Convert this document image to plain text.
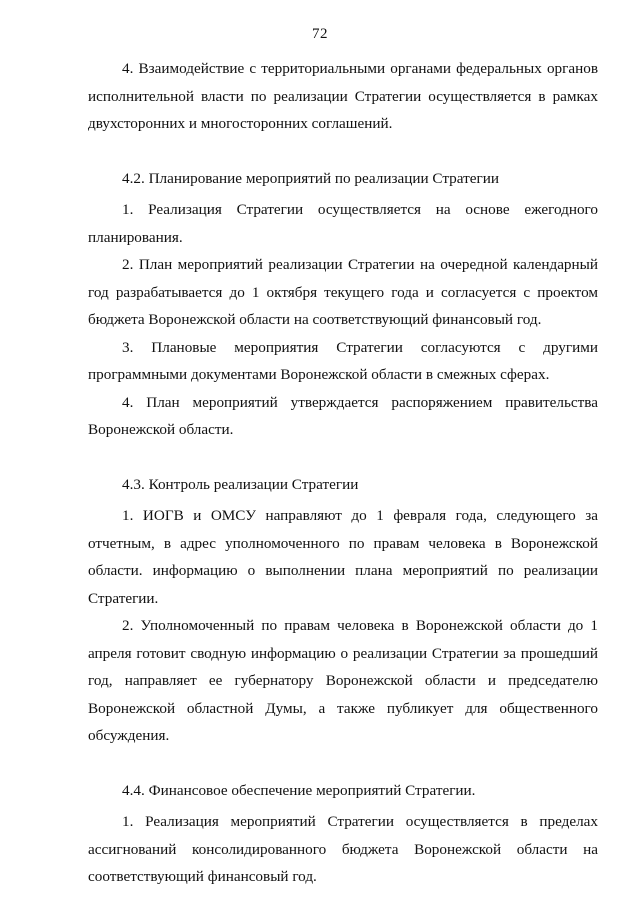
72

4. Взаимодействие с территориальными органами федеральных органов исполнительной власти по реализации Стратегии осуществляется в рамках двухсторонних и многосторонних соглашений.

4.2. Планирование мероприятий по реализации Стратегии

1. Реализация Стратегии осуществляется на основе ежегодного планирования.

2. План мероприятий реализации Стратегии на очередной календарный год разрабатывается до 1 октября текущего года и согласуется с проектом бюджета Воронежской области на соответствующий финансовый год.

3. Плановые мероприятия Стратегии согласуются с другими программными документами Воронежской области в смежных сферах.

4. План мероприятий утверждается распоряжением правительства Воронежской области.

4.3. Контроль реализации Стратегии

1. ИОГВ и ОМСУ направляют до 1 февраля года, следующего за отчетным, в адрес уполномоченного по правам человека в Воронежской области. информацию о выполнении плана мероприятий по реализации Стратегии.

2. Уполномоченный по правам человека в Воронежской области до 1 апреля готовит сводную информацию о реализации Стратегии за прошедший год, направляет ее губернатору Воронежской области и председателю Воронежской областной Думы, а также публикует для общественного обсуждения.

4.4. Финансовое обеспечение мероприятий Стратегии.

1. Реализация мероприятий Стратегии осуществляется в пределах ассигнований консолидированного бюджета Воронежской области на соответствующий финансовый год.
